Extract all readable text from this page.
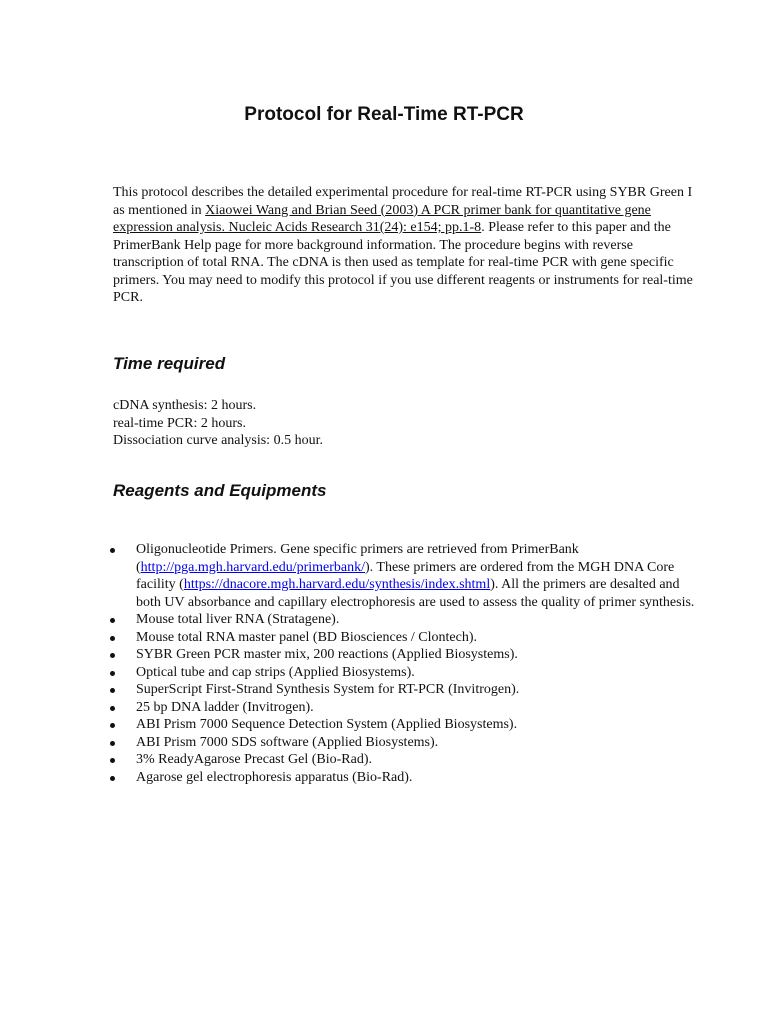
Protocol for Real-Time RT-PCR

This protocol describes the detailed experimental procedure for real-time RT-PCR using SYBR Green I as mentioned in Xiaowei Wang and Brian Seed (2003) A PCR primer bank for quantitative gene expression analysis. Nucleic Acids Research 31(24): e154; pp.1-8. Please refer to this paper and the PrimerBank Help page for more background information. The procedure begins with reverse transcription of total RNA. The cDNA is then used as template for real-time PCR with gene specific primers. You may need to modify this protocol if you use different reagents or instruments for real-time PCR.

Time required
cDNA synthesis: 2 hours.
real-time PCR: 2 hours.
Dissociation curve analysis: 0.5 hour.
Reagents and Equipments
Oligonucleotide Primers. Gene specific primers are retrieved from PrimerBank (http://pga.mgh.harvard.edu/primerbank/). These primers are ordered from the MGH DNA Core facility (https://dnacore.mgh.harvard.edu/synthesis/index.shtml). All the primers are desalted and both UV absorbance and capillary electrophoresis are used to assess the quality of primer synthesis.
Mouse total liver RNA (Stratagene).
Mouse total RNA master panel (BD Biosciences / Clontech).
SYBR Green PCR master mix, 200 reactions (Applied Biosystems).
Optical tube and cap strips (Applied Biosystems).
SuperScript First-Strand Synthesis System for RT-PCR (Invitrogen).
25 bp DNA ladder (Invitrogen).
ABI Prism 7000 Sequence Detection System (Applied Biosystems).
ABI Prism 7000 SDS software (Applied Biosystems).
3% ReadyAgarose Precast Gel (Bio-Rad).
Agarose gel electrophoresis apparatus (Bio-Rad).
